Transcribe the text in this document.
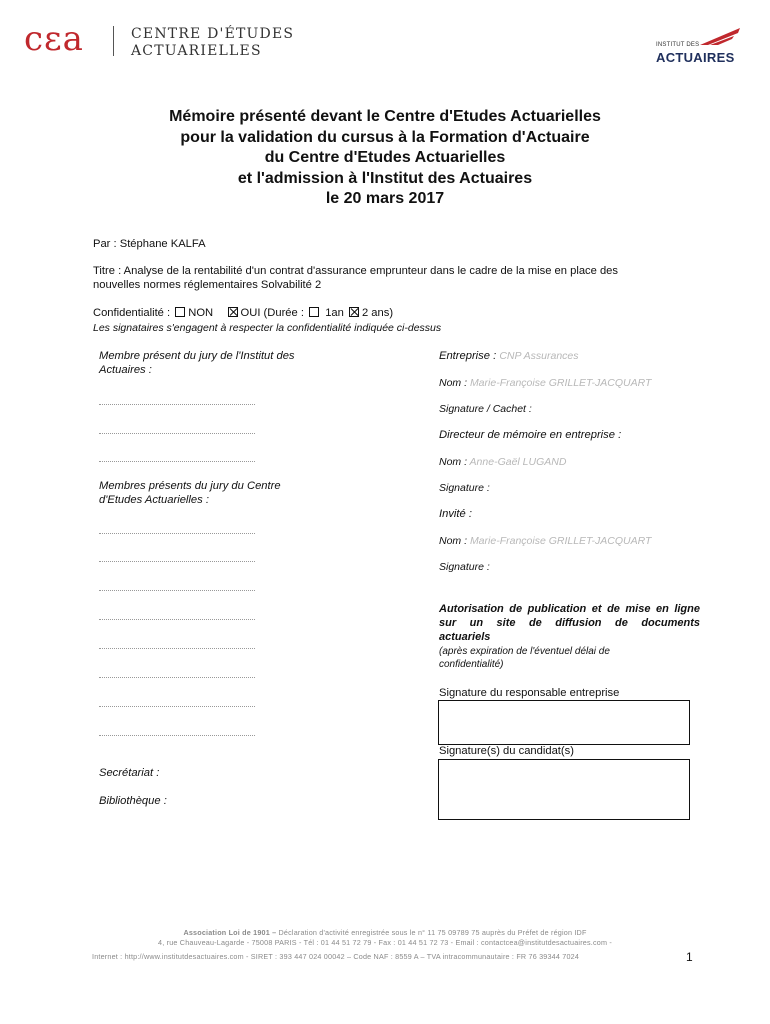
cεa	CENTRE D'ÉTUDES
ACTUARIELLES	INSTITUT DES
ACTUAIRES
Mémoire présenté devant le Centre d'Etudes Actuarielles
pour la validation du cursus à la Formation d'Actuaire
du Centre d'Etudes Actuarielles
et l'admission à l'Institut des Actuaires
le 20 mars 2017
Par : Stéphane KALFA
Titre : Analyse de la rentabilité d'un contrat d'assurance emprunteur dans le cadre de la mise en place des
nouvelles normes réglementaires Solvabilité 2
Confidentialité : NON OUI (Durée : 1an 2 ans)
Les signataires s'engagent à respecter la confidentialité indiquée ci-dessus
Membre présent du jury de l'Institut des
Actuaires :
Membres présents du jury du Centre
d'Etudes Actuarielles :
Secrétariat :
Bibliothèque :
Entreprise : CNP Assurances
Nom : Marie-Françoise GRILLET-JACQUART
Signature / Cachet :
Directeur de mémoire en entreprise :
Nom : Anne-Gaël LUGAND
Signature :
Invité :
Nom : Marie-Françoise GRILLET-JACQUART
Signature :
Autorisation de publication et de mise en ligne
sur un site de diffusion de documents
actuariels
(après expiration de l'éventuel délai de
confidentialité)
Signature du responsable entreprise
Signature(s) du candidat(s)
Association Loi de 1901 – Déclaration d'activité enregistrée sous le n° 11 75 09789 75 auprès du Préfet de région IDF
4, rue Chauveau-Lagarde - 75008 PARIS - Tél : 01 44 51 72 79 - Fax : 01 44 51 72 73 - Email : contactcea@institutdesactuaires.com -
Internet : http://www.institutdesactuaires.com - SIRET : 393 447 024 00042 – Code NAF : 8559 A – TVA intracommunautaire : FR 76 39344 7024	1
